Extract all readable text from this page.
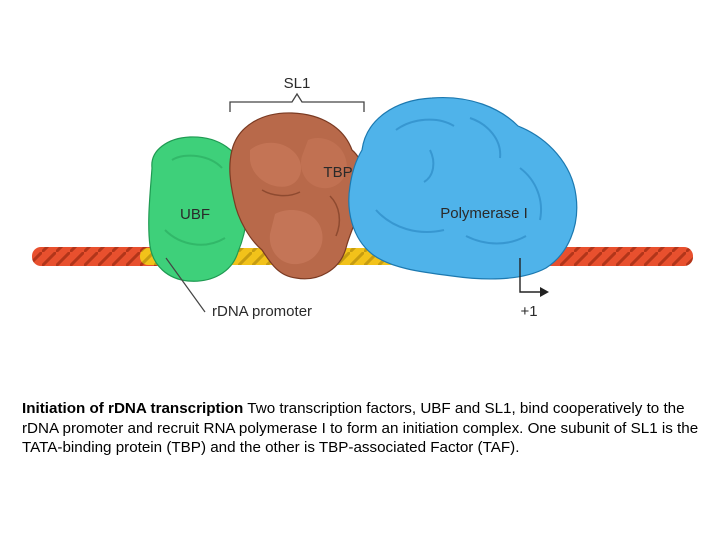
SL1
TBP
UBF	Polymerase I
rDNA promoter	+1
Initiation of rDNA transcription Two transcription factors, UBF and SL1, bind cooperatively to the rDNA promoter and recruit RNA polymerase I to form an initiation complex. One subunit of SL1 is the TATA-binding protein (TBP) and the other is TBP-associated Factor (TAF).
